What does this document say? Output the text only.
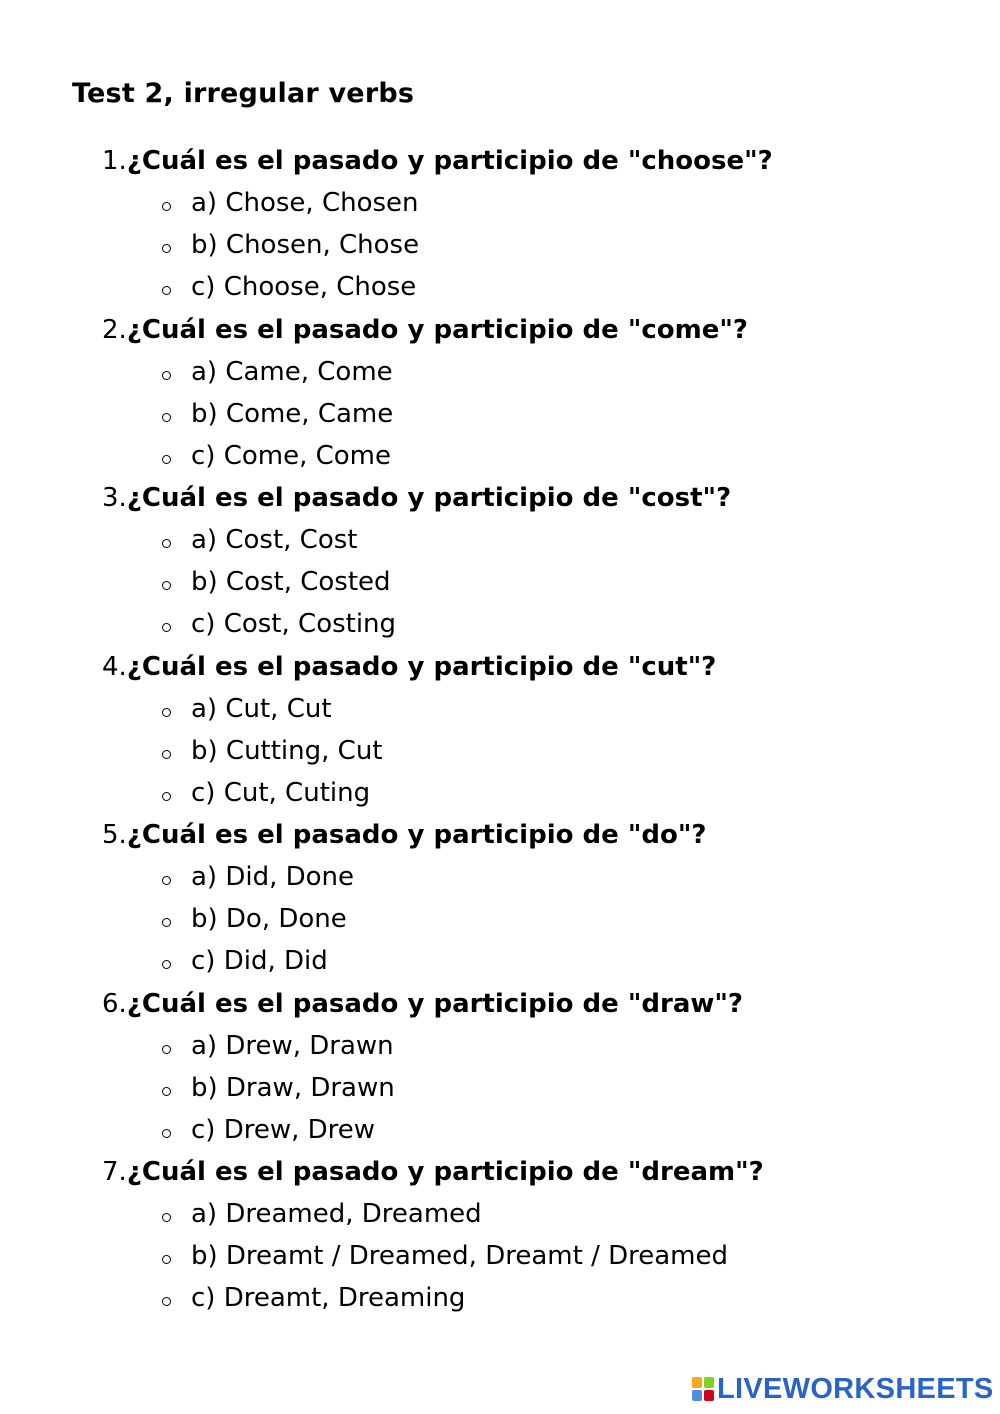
Test 2, irregular verbs
1.¿Cuál es el pasado y participio de "choose"?
a) Chose, Chosen
b) Chosen, Chose
c) Choose, Chose
2.¿Cuál es el pasado y participio de "come"?
a) Came, Come
b) Come, Came
c) Come, Come
3.¿Cuál es el pasado y participio de "cost"?
a) Cost, Cost
b) Cost, Costed
c) Cost, Costing
4.¿Cuál es el pasado y participio de "cut"?
a) Cut, Cut
b) Cutting, Cut
c) Cut, Cuting
5.¿Cuál es el pasado y participio de "do"?
a) Did, Done
b) Do, Done
c) Did, Did
6.¿Cuál es el pasado y participio de "draw"?
a) Drew, Drawn
b) Draw, Drawn
c) Drew, Drew
7.¿Cuál es el pasado y participio de "dream"?
a) Dreamed, Dreamed
b) Dreamt / Dreamed, Dreamt / Dreamed
c) Dreamt, Dreaming
LIVEWORKSHEETS
